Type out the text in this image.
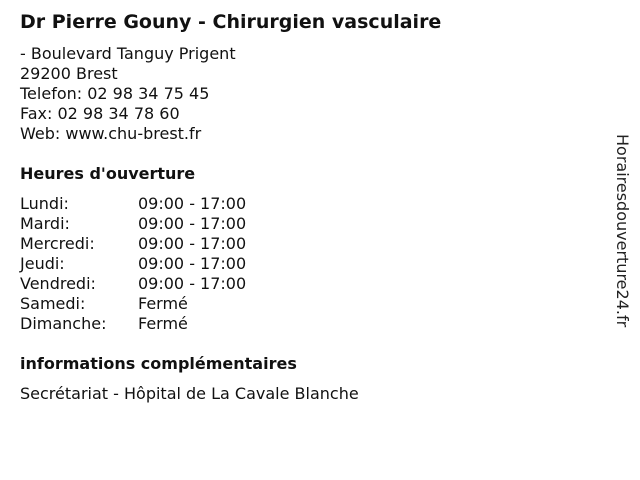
Dr Pierre Gouny - Chirurgien vasculaire
- Boulevard Tanguy Prigent
29200 Brest
Telefon: 02 98 34 75 45
Fax: 02 98 34 78 60
Web: www.chu-brest.fr
Heures d'ouverture
Lundi:	09:00 - 17:00
Mardi:	09:00 - 17:00
Mercredi:	09:00 - 17:00
Jeudi:	09:00 - 17:00
Vendredi:	09:00 - 17:00
Samedi:	Fermé
Dimanche: Fermé
informations complémentaires
Secrétariat - Hôpital de La Cavale Blanche
Horairesdouverture24.fr
